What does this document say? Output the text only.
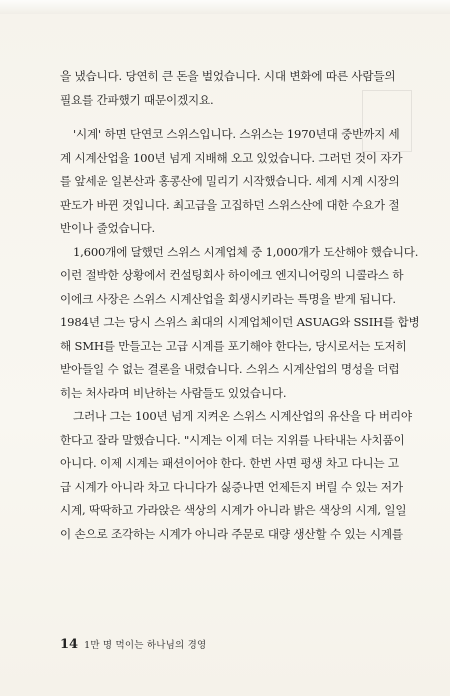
을 냈습니다. 당연히 큰 돈을 벌었습니다. 시대 변화에 따른 사람들의
필요를 간파했기 때문이겠지요.

'시계' 하면 단연코 스위스입니다. 스위스는 1970년대 중반까지 세
계 시계산업을 100년 넘게 지배해 오고 있었습니다. 그러던 것이 자가
를 앞세운 일본산과 홍콩산에 밀리기 시작했습니다. 세계 시계 시장의
판도가 바뀐 것입니다. 최고급을 고집하던 스위스산에 대한 수요가 절
반이나 줄었습니다.

1,600개에 달했던 스위스 시계업체 중 1,000개가 도산해야 했습니다.
이런 절박한 상황에서 컨설팅회사 하이에크 엔지니어링의 니콜라스 하
이에크 사장은 스위스 시계산업을 회생시키라는 특명을 받게 됩니다.
1984년 그는 당시 스위스 최대의 시계업체이던 ASUAG와 SSIH를 합병
해 SMH를 만들고는 고급 시계를 포기해야 한다는, 당시로서는 도저히
받아들일 수 없는 결론을 내렸습니다. 스위스 시계산업의 명성을 더럽
히는 처사라며 비난하는 사람들도 있었습니다.

그러나 그는 100년 넘게 지켜온 스위스 시계산업의 유산을 다 버리야
한다고 잘라 말했습니다. "시계는 이제 더는 지위를 나타내는 사치품이
아니다. 이제 시계는 패션이어야 한다. 한번 사면 평생 차고 다니는 고
급 시계가 아니라 차고 다니다가 싫증나면 언제든지 버릴 수 있는 저가
시계, 딱딱하고 가라앉은 색상의 시계가 아니라 밝은 색상의 시계, 일일
이 손으로 조각하는 시계가 아니라 주문로 대량 생산할 수 있는 시계를

14 1만 명 먹이는 하나님의 경영
